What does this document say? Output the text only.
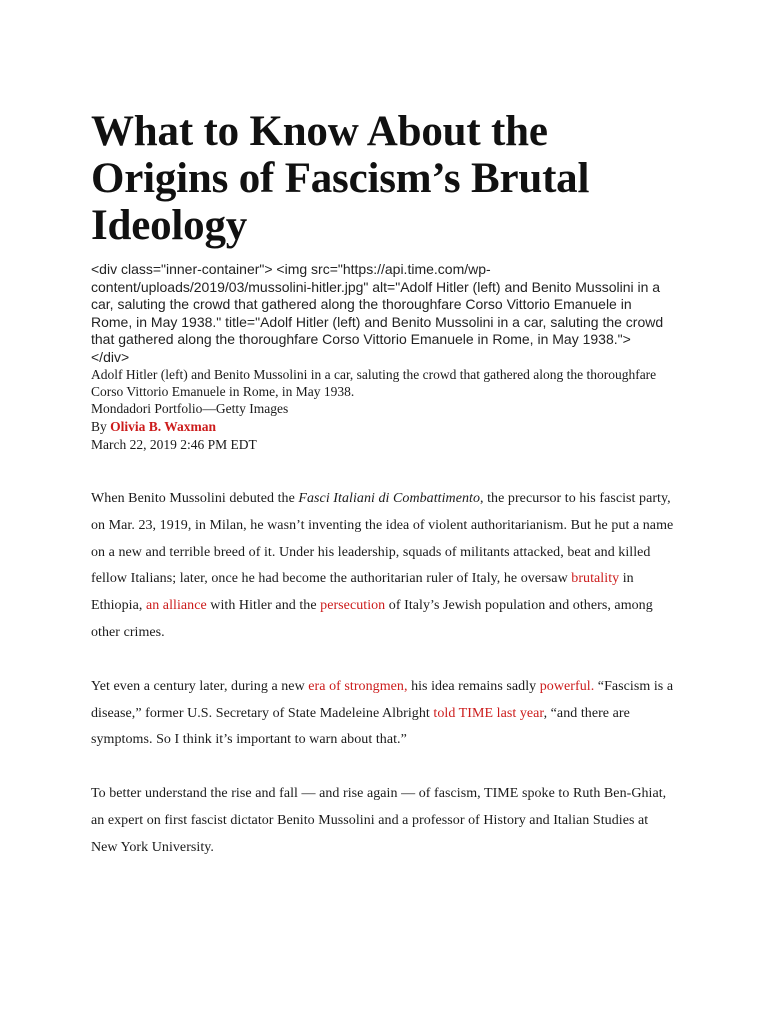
What to Know About the Origins of Fascism’s Brutal Ideology
<div class="inner-container"> <img src="https://api.time.com/wp-content/uploads/2019/03/mussolini-hitler.jpg" alt="Adolf Hitler (left) and Benito Mussolini in a car, saluting the crowd that gathered along the thoroughfare Corso Vittorio Emanuele in Rome, in May 1938." title="Adolf Hitler (left) and Benito Mussolini in a car, saluting the crowd that gathered along the thoroughfare Corso Vittorio Emanuele in Rome, in May 1938."> </div>
Adolf Hitler (left) and Benito Mussolini in a car, saluting the crowd that gathered along the thoroughfare Corso Vittorio Emanuele in Rome, in May 1938.
Mondadori Portfolio—Getty Images
By Olivia B. Waxman
March 22, 2019 2:46 PM EDT

When Benito Mussolini debuted the Fasci Italiani di Combattimento, the precursor to his fascist party, on Mar. 23, 1919, in Milan, he wasn’t inventing the idea of violent authoritarianism. But he put a name on a new and terrible breed of it. Under his leadership, squads of militants attacked, beat and killed fellow Italians; later, once he had become the authoritarian ruler of Italy, he oversaw brutality in Ethiopia, an alliance with Hitler and the persecution of Italy’s Jewish population and others, among other crimes.

Yet even a century later, during a new era of strongmen, his idea remains sadly powerful. “Fascism is a disease,” former U.S. Secretary of State Madeleine Albright told TIME last year, “and there are symptoms. So I think it’s important to warn about that.”

To better understand the rise and fall — and rise again — of fascism, TIME spoke to Ruth Ben-Ghiat, an expert on first fascist dictator Benito Mussolini and a professor of History and Italian Studies at New York University.
